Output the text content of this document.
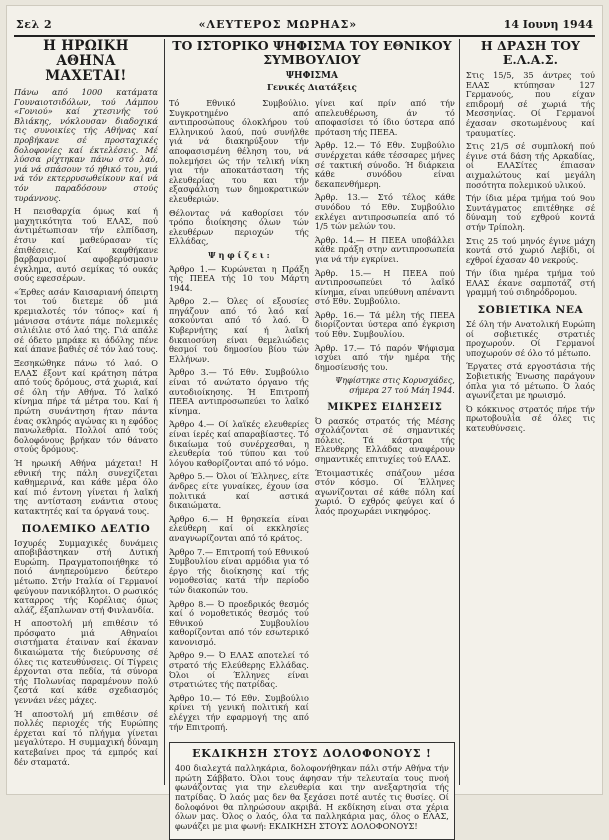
Σελ 2	«ΛΕΥΤΕΡΟΣ ΜΩΡΗΑΣ»	14 Ιουνη 1944
Η ΗΡΩΙΚΗ ΑΘΗΝΑ ΜΑΧΕΤΑΙ!

Πάνω από 1000 κατάματα Γουναιοτσιδόλων, τού Λάμπου «Γονιού» καί χτεσινής τού Βλιάκης, νόκλουσαν διαδοχικά τις συνοικίες τής Αθήνας καί προβήκανε σέ προσταχικές δολοφονίες καί έκτελέσεις. Μέ λύσσα ρίχτηκαν πάνω στό λαό, γιά νά σπάσουν τό ηθικό του, γιά νά τόν εκτερρυσωθείκουν καί νά τόν παραδόσουν στούς τυράννους.

Η πεισθαρχία όμως καί ή μαχητικότητα τού ΕΛΑΣ, πού άντιμέτωπισαν τήν ελπίδαση, έτσιν καί μαθεύρασαν τίς έπιθέσεις. Καί καφθήκανε βαρβαρισμοί αφοβερύσμασιν έγκλημα, αυτό σεμίκας τό ουκάς σούς εφεσσέρων.

«Έρθες ασάν Καισαριανή όπειρτη τοι τού διετεμε όδ μιά κρεμιαλοτές τόν τόπος» καί ή μάνισσα στάντε πάμε πολεμικές σιλιέιλιε στό λαό της. Γιά απάλε σέ όδετο μπράκε κι άδόλης πένε καί άπανε βαθιές σέ τόν λαό τους.

Ξεσηκώθηκε πάνω τό λαό. Ο ΕΛΑΣ έξοντ καί κράτηση πάτρα από τούς δρόμους, στά χωριά, καί σέ όλη τήν Αθήνα. Τό λαϊκό κίνημα πήρε τά μέτρα του. Καί ή πρώτη συνάντηση ήταν πάντα ένας σκληρός αγώνας κι η εφόδος πανωλεθρία. Πολλοί από τούς δολοφόνους βρήκαν τόν θάνατο στούς δρόμους.

Ή ηρωική Αθήνα μάχεται! Η εθνική της πάλη συνεχίζεται καθημερινά, και κάθε μέρα όλο καί πιό έντονη γίνεται ή λαϊκή της αντίσταση ενάντια στους κατακτητές καί τα όργανά τους.

ΠΟΛΕΜΙΚΟ ΔΕΛΤΙΟ

Ισχυρές Συμμαχικές δυνάμεις αποβιβάστηκαν στή Δυτική Ευρώπη. Πραγματοποιήθηκε τό ποιό άνηπερούμενο δεύτερο μέτωπο. Στήν Ιταλία οί Γερμανοί φεύγουν πανικόβλητοι. Ο ρωσικός καταρρος τής Κορέλιας όμως αλάζ, έξαπλωναν στή Φινλανδία.

Η αποστολή μή επιθέσιν τό πρόσφατο μιά Αθηναίοι σιστήματα έταιναν καί έκαναν δικαιώματα τής διεύρυνσης σέ όλες τις κατευθύνσεις. Οί Τίγρεις έρχονται στα πεδία, τά σύνορα τής Πολωνίας παραμένουν πολύ ζεστά καί κάθε σχεδιασμός γεννάει νέες μάχες.

Ή αποστολή μή επιθέσιν σέ πολλές περιοχές τής Ευρώπης έρχεται καί τό πλήγμα γίνεται μεγαλύτερο. Η συμμαχική δύναμη κατεβαίνει προς τά εμπρός καί δέν σταματά.

ΤΟ ΙΣΤΟΡΙΚΟ ΨΗΦΙΣΜΑ ΤΟΥ ΕΘΝΙΚΟΥ ΣΥΜΒΟΥΛΙΟΥ
ΨΗΦΙΣΜΑ
Γενικές Διατάξεις

Τό Εθνικό Συμβούλιο. Συγκροτημένο από αντιπροσώπους όλοκλήρου τού Ελληνικού λαού, πού συνήλθε γιά νά διακηρύξουν τήν αποφασισμένη θέληση του, νά πολεμήσει ώς τήν τελική νίκη για τήν αποκατάσταση τής ελευθερίας του και τήν εξασφάλιση των δημοκρατικών ελευθεριών.

Θέλοντας νά καθορίσει τόν τρόπο διοίκησης όλων τών ελευθέρων περιοχών τής Ελλάδας,

Ψ η φ ί ζ ε ι :

Άρθρο 1.— Κυρώνεται η Πράξη τής ΠΕΕΑ τής 10 του Μάρτη 1944.

Άρθρο 2.— Όλες οί εξουσίες πηγάζουν από τό λαό καί ασκούνται από τό λαό. Ό Κυβερνήτης καί ή λαϊκή δικαιοσύνη είναι θεμελιώδεις θεσμοί τού δημοσίου βίου τών Ελλήνων.

Άρθρο 3.— Τό Εθν. Συμβούλιο είναι τό ανώτατο όργανο τής αυτοδιοίκησης. Ή Επιτροπή ΠΕΕΑ αντιπροσωπεύει το λαϊκό κίνημα.

Άρθρο 4.— Οί λαϊκές ελευθερίες είναι ίερές καί απαραβίαστες. Τό δικαίωμα τού συνέρχεσθαι, η ελευθερία τού τύπου και τού λόγου καθορίζονται από τό νόμο.

Άρθρο 5.— Όλοι οί Έλληνες, είτε άνδρες είτε γυναίκες, έχουν ίσα πολιτικά καί αστικά δικαιώματα.

Άρθρο 6.— Η θρησκεία είναι ελεύθερη καί οί εκκλησίες αναγνωρίζονται από τό κράτος.

Άρθρο 7.— Επιτροπή τού Εθνικού Συμβουλίου είναι αρμόδια για τό έργο τής διοίκησης καί τής νομοθεσίας κατά τήν περίοδο τών διακοπών του.

Άρθρο 8.— Ό προεδρικός θεσμός καί ό νομοθετικός θεσμός τού Εθνικού Συμβουλίου καθορίζονται από τόν εσωτερικό κανονισμό.

Άρθρο 9.— Ό ΕΛΑΣ αποτελεί τό στρατό τής Ελεύθερης Ελλάδας. Όλοι οί Έλληνες είναι στρατιώτες τής πατρίδας.

Άρθρο 10.— Τό Εθν. Συμβούλιο κρίνει τή γενική πολιτική καί ελέγχει τήν εφαρμογή της από τήν Επιτροπή.

γίνει καί πρίν από τήν απελευθέρωση, άν τό αποφασίσει τό ίδιο ύστερα από πρόταση τής ΠΕΕΑ.

Άρθρ. 12.— Τό Εθν. Συμβούλιο συνέρχεται κάθε τέσσαρες μήνες σέ τακτική σύνοδο. Ή διάρκεια κάθε συνόδου είναι δεκαπενθήμερη.

Άρθρ. 13.— Στό τέλος κάθε συνόδου τό Εθν. Συμβούλιο εκλέγει αντιπροσωπεία από τό 1/5 τών μελών του.

Άρθρ. 14.— Η ΠΕΕΑ υποβάλλει κάθε πράξη στην αντιπροσωπεία για νά τήν εγκρίνει.

Άρθρ. 15.— Η ΠΕΕΑ πού αντιπροσωπεύει τό λαϊκό κίνημα, είναι υπεύθυνη απέναντι στό Εθν. Συμβούλιο.

Άρθρ. 16.— Τά μέλη τής ΠΕΕΑ διορίζονται ύστερα από έγκριση τού Εθν. Συμβουλίου.

Άρθρ. 17.— Τό παρόν Ψήφισμα ισχύει από τήν ημέρα τής δημοσίευσής του.

Ψηφίστηκε στις Κορυσχάδες, σήμερα 27 τού Μάη 1944.

ΜΙΚΡΕΣ ΕΙΔΗΣΕΙΣ

Ό ρασκός στρατός τής Μέσης σχολάζονται σέ σημαντικές πόλεις. Τά κάστρα τής Ελευθερης Ελλάδας αναφέρουν σημαντικές επιτυχίες τού ΕΛΑΣ.

Έτοιμαστικές σπάζουν μέσα στόν κόσμο. Οί Έλληνες αγωνίζονται σέ κάθε πόλη καί χωριό. Ό εχθρός φεύγει καί ό λαός προχωράει νικηφόρος.

ΕΚΔΙΚΗΣΗ ΣΤΟΥΣ ΔΟΛΟΦΟΝΟΥΣ !

400 διαλεχτά παλληκάρια, δολοφονήθηκαν πάλι στήν Αθήνα τήν πρώτη Σάββατο. Όλοι τους άφησαν τήν τελευταία τους πνοή φωνάζοντας για την ελευθερία και την ανεξαρτησία τής πατρίδας. Ό λαός μας δεν θα ξεχάσει ποτέ αυτές τις θυσίες. Οί δολοφόνοι θα πληρώσουν ακριβά. Η εκδίκηση είναι στα χέρια όλων μας. Όλος ο λαός, όλα τα παλληκάρια μας, όλος ο ΕΛΑΣ, φωνάζει με μια φωνή: ΕΚΔΙΚΗΣΗ ΣΤΟΥΣ ΔΟΛΟΦΟΝΟΥΣ!

Η ΔΡΑΣΗ ΤΟΥ Ε.Λ.Α.Σ.

Στις 15/5, 35 άντρες τού ΕΛΑΣ κτύπησαν 127 Γερμανούς, που είχαν επιδρομή σέ χωριά τής Μεσσηνίας. Οί Γερμανοί έχασαν σκοτωμένους καί τραυματίες.

Στις 21/5 σέ συμπλοκή πού έγινε στά δάση τής Αρκαδίας, οί ΕΛΑΣίτες έπιασαν αιχμαλώτους καί μεγάλη ποσότητα πολεμικού υλικού.

Τήν ίδια μέρα τμήμα τού 9ου Συντάγματος επιτέθηκε σέ δύναμη τού εχθρού κοντά στήν Τρίπολη.

Στις 25 τού μηνός έγινε μάχη κοντά στό χωριό Λεβίδι, οί εχθροί έχασαν 40 νεκρούς.

Τήν ίδια ημέρα τμήμα τού ΕΛΑΣ έκανε σαμποτάζ στή γραμμή τού σιδηρόδρομου.

ΣΟΒΙΕΤΙΚΑ ΝΕΑ

Σέ όλη τήν Ανατολική Ευρώπη οί σοβιετικές στρατιές προχωρούν. Οί Γερμανοί υποχωρούν σέ όλο τό μέτωπο.

Έργατες στά εργοστάσια τής Σοβιετικής Ένωσης παράγουν όπλα για τό μέτωπο. Ό λαός αγωνίζεται με ηρωισμό.

Ό κόκκινος στρατός πήρε τήν πρωτοβουλία σέ όλες τις κατευθύνσεις.
